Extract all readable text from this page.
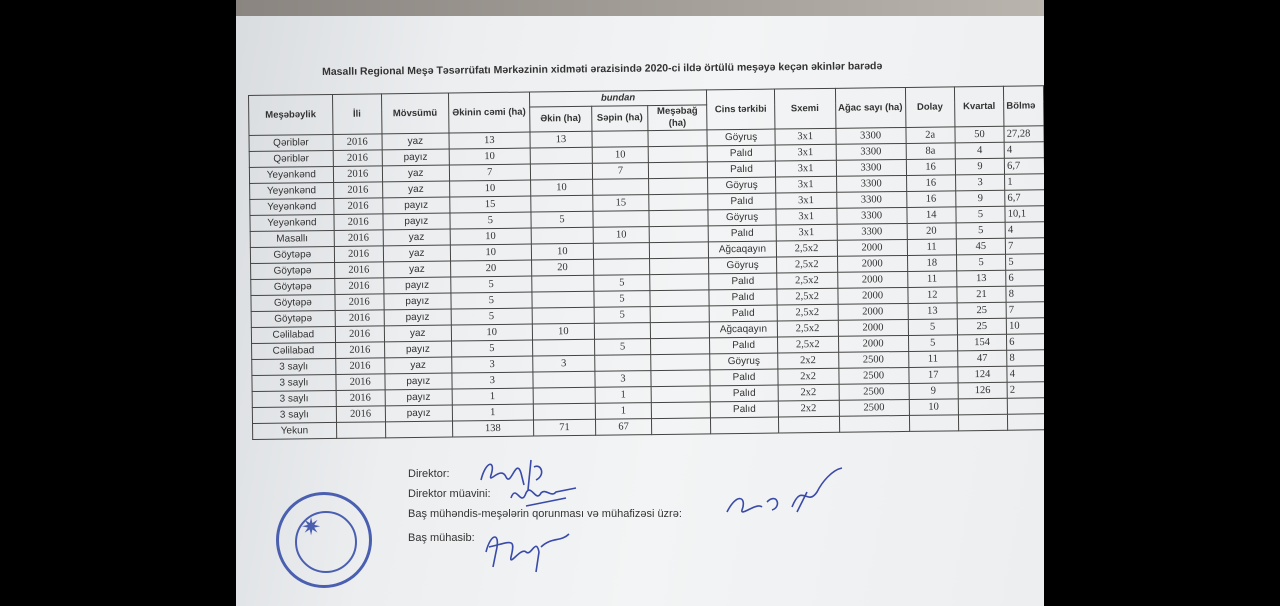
Masallı Regional Meşə Təsərrüfatı Mərkəzinin xidməti ərazisində 2020-ci ildə örtülü meşəyə keçən əkinlər barədə
Meşəbəylik	İli	Mövsümü	Əkinin cəmi (ha)	bundan			Cins tərkibi	Sxemi	Ağac sayı (ha)	Dolay	Kvartal	Bölmə
				Əkin (ha)	Səpin (ha)	Meşəbağ (ha)						
Qəriblər	2016	yaz	13	13			Göyruş	3x1	3300	2a	50	27,28
Qəriblər	2016	payız	10		10		Palıd	3x1	3300	8a	4	4
Yeyənkənd	2016	yaz	7		7		Palıd	3x1	3300	16	9	6,7
Yeyənkənd	2016	yaz	10	10			Göyruş	3x1	3300	16	3	1
Yeyənkənd	2016	payız	15		15		Palıd	3x1	3300	16	9	6,7
Yeyənkənd	2016	payız	5	5			Göyruş	3x1	3300	14	5	10,1
Masallı	2016	yaz	10		10		Palıd	3x1	3300	20	5	4
Göytəpə	2016	yaz	10	10			Ağcaqayın	2,5x2	2000	11	45	7
Göytəpə	2016	yaz	20	20			Göyruş	2,5x2	2000	18	5	5
Göytəpə	2016	payız	5		5		Palıd	2,5x2	2000	11	13	6
Göytəpə	2016	payız	5		5		Palıd	2,5x2	2000	12	21	8
Göytəpə	2016	payız	5		5		Palıd	2,5x2	2000	13	25	7
Cəlilabad	2016	yaz	10	10			Ağcaqayın	2,5x2	2000	5	25	10
Cəlilabad	2016	payız	5		5		Palıd	2,5x2	2000	5	154	6
3 saylı	2016	yaz	3	3			Göyruş	2x2	2500	11	47	8
3 saylı	2016	payız	3		3		Palıd	2x2	2500	17	124	4
3 saylı	2016	payız	1		1		Palıd	2x2	2500	9	126	2
3 saylı	2016	payız	1		1		Palıd	2x2	2500	10		
Yekun			138	71	67							
Direktor:
Direktor müavini:
Baş mühəndis-meşələrin qorunması və mühafizəsi üzrə:
Baş mühasib:
✷
